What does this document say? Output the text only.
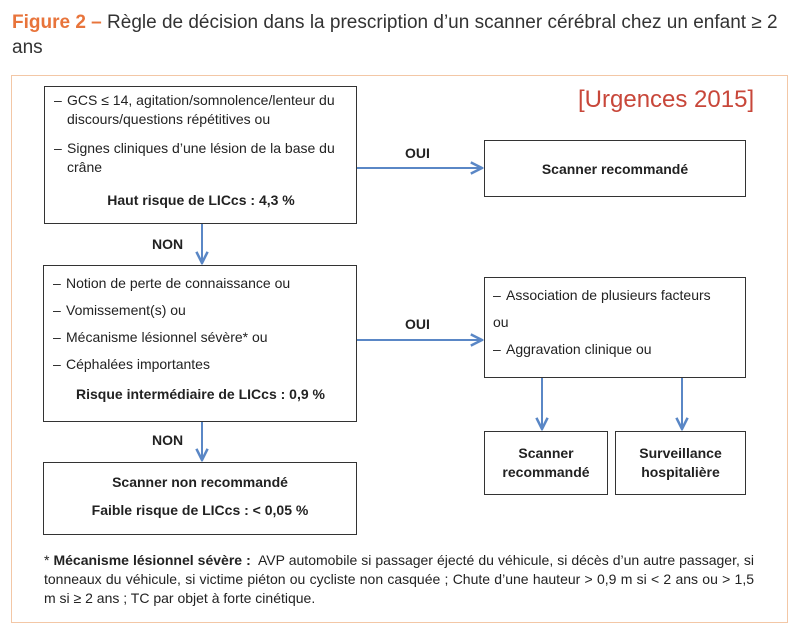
Figure 2 – Règle de décision dans la prescription d’un scanner cérébral chez un enfant ≥ 2 ans
[Urgences 2015]
– GCS ≤ 14, agitation/somnolence/lenteur du discours/questions répétitives ou
– Signes cliniques d’une lésion de la base du crâne
Haut risque de LICcs : 4,3 %
Scanner recommandé
– Notion de perte de connaissance ou
– Vomissement(s) ou
– Mécanisme lésionnel sévère* ou
– Céphalées importantes
Risque intermédiaire de LICcs : 0,9 %
– Association de plusieurs facteurs
ou
– Aggravation clinique ou
Scanner non recommandé
Faible risque de LICcs : < 0,05 %
Scanner
recommandé
Surveillance
hospitalière
OUI
NON
OUI
NON
* Mécanisme lésionnel sévère : AVP automobile si passager éjecté du véhicule, si décès d’un autre passager, si tonneaux du véhicule, si victime piéton ou cycliste non casquée ; Chute d’une hauteur > 0,9 m si < 2 ans ou > 1,5 m si ≥ 2 ans ; TC par objet à forte cinétique.
